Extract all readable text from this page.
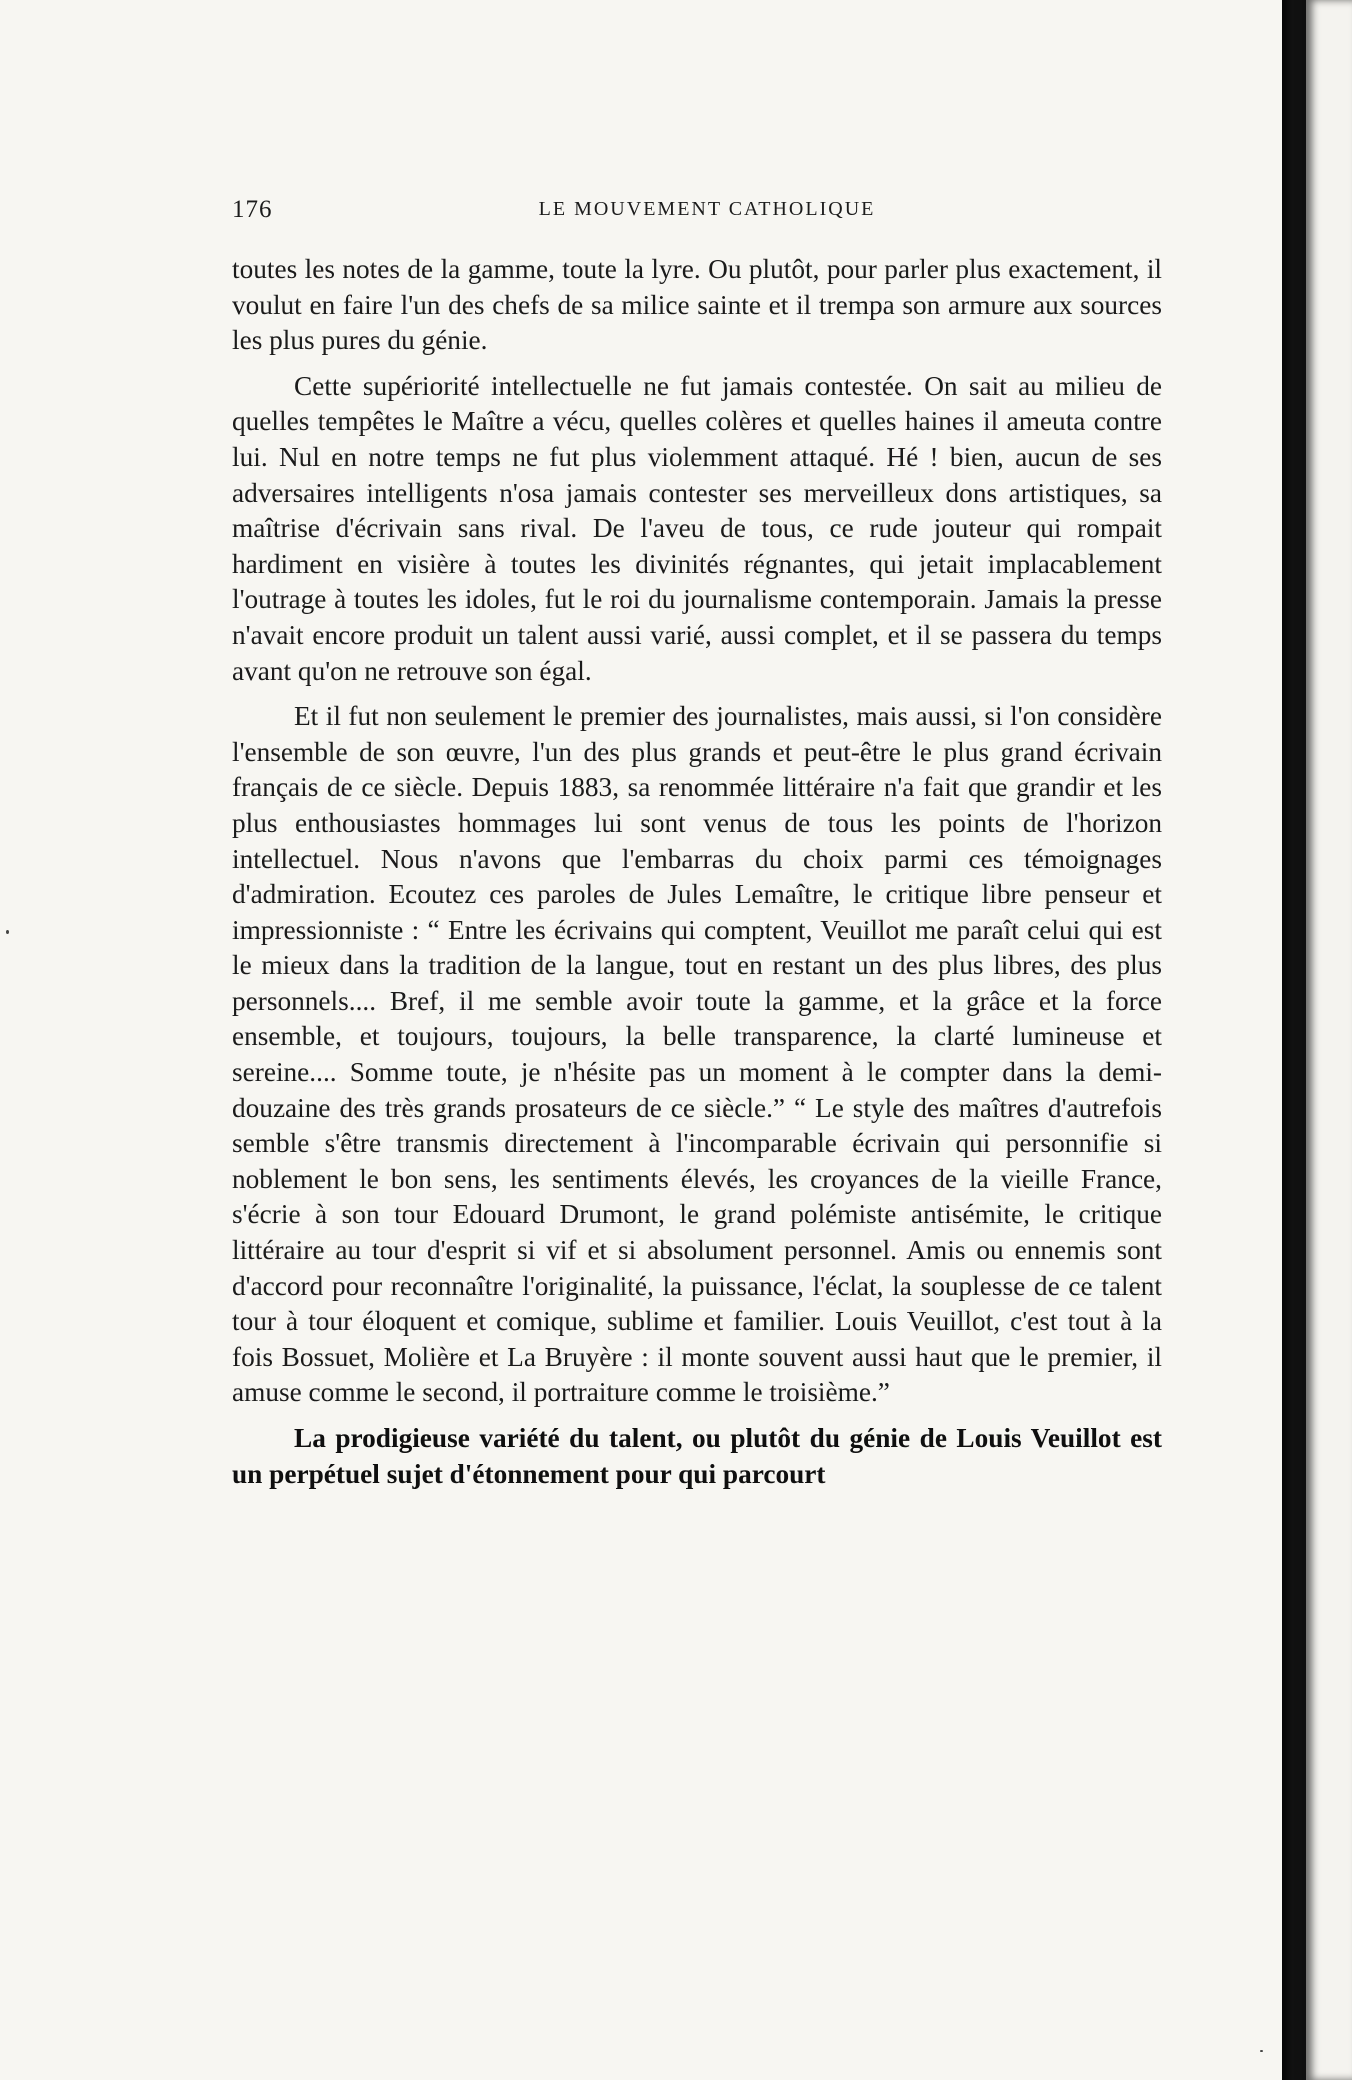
176	LE MOUVEMENT CATHOLIQUE

toutes les notes de la gamme, toute la lyre. Ou plutôt, pour parler plus exactement, il voulut en faire l'un des chefs de sa milice sainte et il trempa son armure aux sources les plus pures du génie.

Cette supériorité intellectuelle ne fut jamais contestée. On sait au milieu de quelles tempêtes le Maître a vécu, quelles colères et quelles haines il ameuta contre lui. Nul en notre temps ne fut plus violemment attaqué. Hé ! bien, aucun de ses adversaires intelligents n'osa jamais contester ses merveilleux dons artistiques, sa maîtrise d'écrivain sans rival. De l'aveu de tous, ce rude jouteur qui rompait hardiment en visière à toutes les divinités régnantes, qui jetait implacablement l'outrage à toutes les idoles, fut le roi du journalisme contemporain. Jamais la presse n'avait encore produit un talent aussi varié, aussi complet, et il se passera du temps avant qu'on ne retrouve son égal.

Et il fut non seulement le premier des journalistes, mais aussi, si l'on considère l'ensemble de son œuvre, l'un des plus grands et peut-être le plus grand écrivain français de ce siècle. Depuis 1883, sa renommée littéraire n'a fait que grandir et les plus enthousiastes hommages lui sont venus de tous les points de l'horizon intellectuel. Nous n'avons que l'embarras du choix parmi ces témoignages d'admiration. Ecoutez ces paroles de Jules Lemaître, le critique libre penseur et impressionniste : “ Entre les écrivains qui comptent, Veuillot me paraît celui qui est le mieux dans la tradition de la langue, tout en restant un des plus libres, des plus personnels.... Bref, il me semble avoir toute la gamme, et la grâce et la force ensemble, et toujours, toujours, la belle transparence, la clarté lumineuse et sereine.... Somme toute, je n'hésite pas un moment à le compter dans la demi-douzaine des très grands prosateurs de ce siècle.” “ Le style des maîtres d'autrefois semble s'être transmis directement à l'incomparable écrivain qui personnifie si noblement le bon sens, les sentiments élevés, les croyances de la vieille France, s'écrie à son tour Edouard Drumont, le grand polémiste antisémite, le critique littéraire au tour d'esprit si vif et si absolument personnel. Amis ou ennemis sont d'accord pour reconnaître l'originalité, la puissance, l'éclat, la souplesse de ce talent tour à tour éloquent et comique, sublime et familier. Louis Veuillot, c'est tout à la fois Bossuet, Molière et La Bruyère : il monte souvent aussi haut que le premier, il amuse comme le second, il portraiture comme le troisième.”

La prodigieuse variété du talent, ou plutôt du génie de Louis Veuillot est un perpétuel sujet d'étonnement pour qui parcourt
